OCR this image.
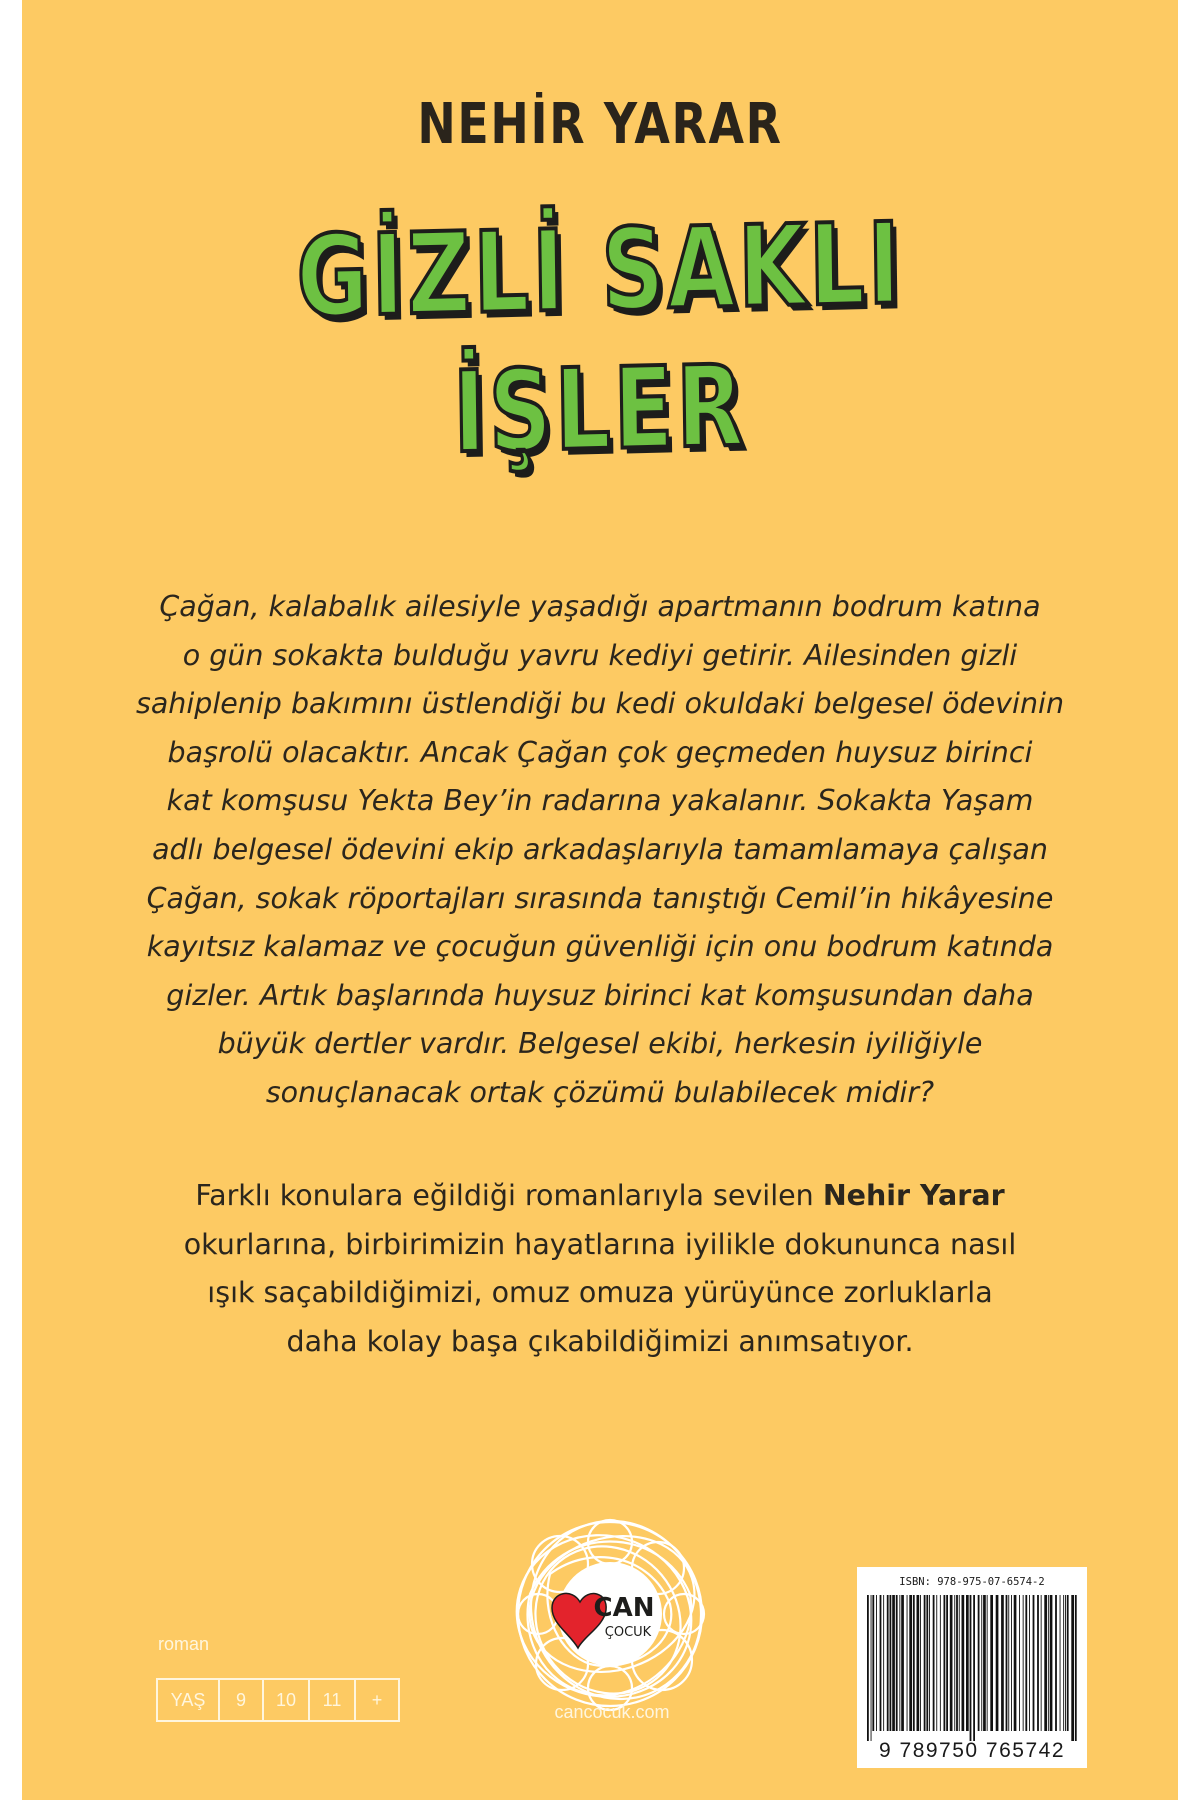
NEHİR YARAR
GİZLİ SAKLI
İŞLER
Çağan, kalabalık ailesiyle yaşadığı apartmanın bodrum katına
o gün sokakta bulduğu yavru kediyi getirir. Ailesinden gizli
sahiplenip bakımını üstlendiği bu kedi okuldaki belgesel ödevinin
başrolü olacaktır. Ancak Çağan çok geçmeden huysuz birinci
kat komşusu Yekta Bey’in radarına yakalanır. Sokakta Yaşam
adlı belgesel ödevini ekip arkadaşlarıyla tamamlamaya çalışan
Çağan, sokak röportajları sırasında tanıştığı Cemil’in hikâyesine
kayıtsız kalamaz ve çocuğun güvenliği için onu bodrum katında
gizler. Artık başlarında huysuz birinci kat komşusundan daha
büyük dertler vardır. Belgesel ekibi, herkesin iyiliğiyle
sonuçlanacak ortak çözümü bulabilecek midir?
Farklı konulara eğildiği romanlarıyla sevilen Nehir Yarar
okurlarına, birbirimizin hayatlarına iyilikle dokununca nasıl
ışık saçabildiğimizi, omuz omuza yürüyünce zorluklarla
daha kolay başa çıkabildiğimizi anımsatıyor.
roman
YAŞ	9	10	11	+
CAN
ÇOCUK
cancocuk.com
ISBN: 978-975-07-6574-2
9 789750 765742
